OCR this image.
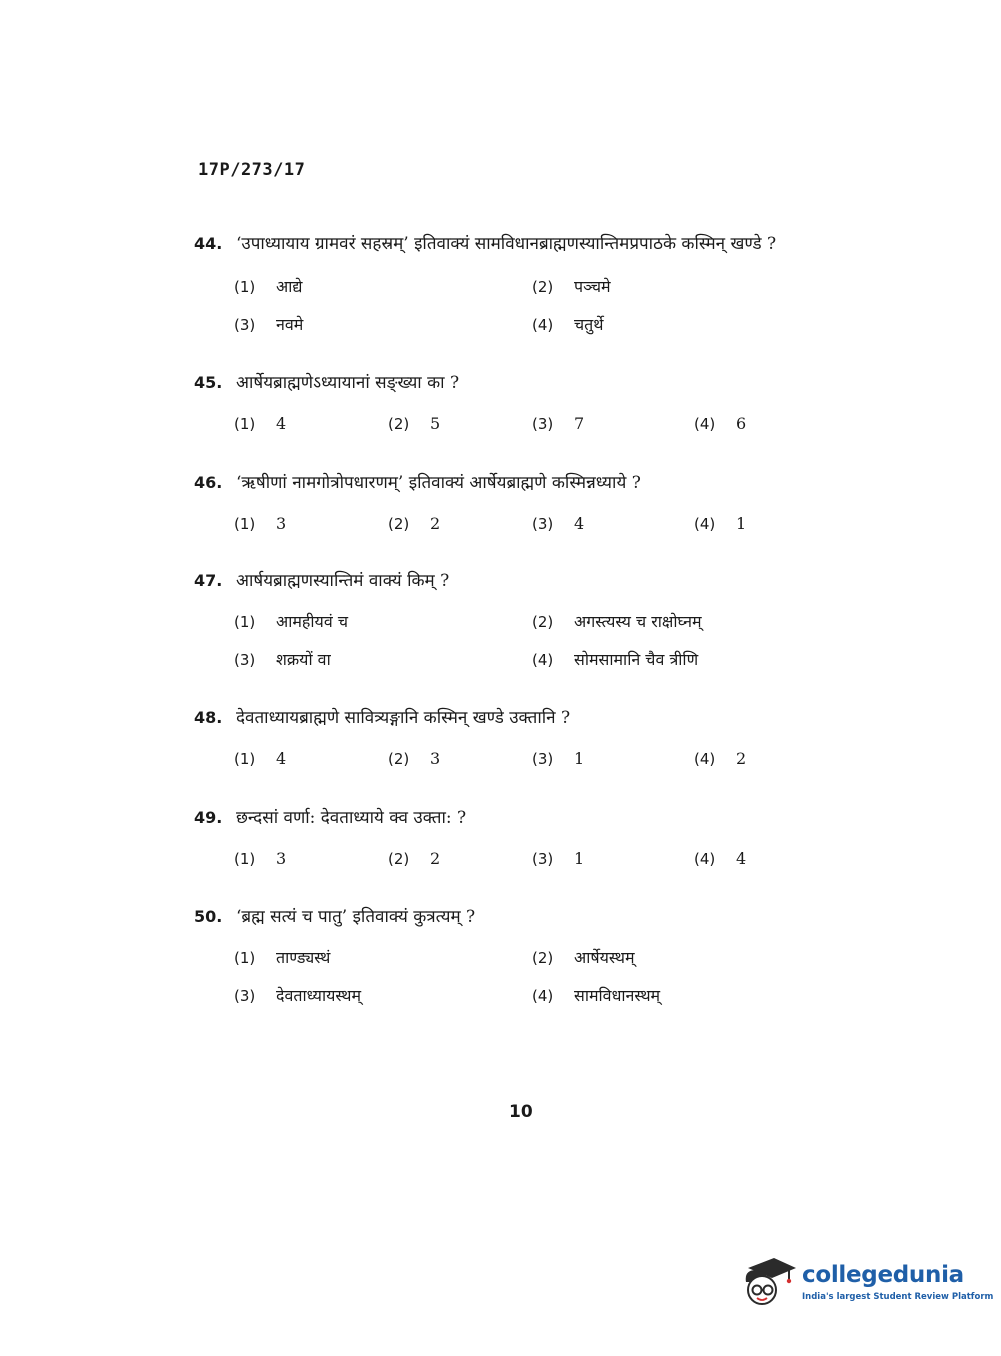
17P/273/17
44. ‘उपाध्यायाय ग्रामवरं सहस्रम्’ इतिवाक्यं सामविधानब्राह्मणस्यान्तिमप्रपाठके कस्मिन् खण्डे ?
(1) आद्ये	(2) पञ्चमे
(3) नवमे	(4) चतुर्थे
45. आर्षेयब्राह्मणेऽध्यायानां सङ्ख्या का ?
(1) 4	(2) 5	(3) 7	(4) 6
46. ‘ऋषीणां नामगोत्रोपधारणम्’ इतिवाक्यं आर्षेयब्राह्मणे कस्मिन्नध्याये ?
(1) 3	(2) 2	(3) 4	(4) 1
47. आर्षयब्राह्मणस्यान्तिमं वाक्यं किम् ?
(1) आमहीयवं च	(2) अगस्त्यस्य च राक्षोघ्नम्
(3) शक्रयों वा	(4) सोमसामानि चैव त्रीणि
48. देवताध्यायब्राह्मणे सावित्र्यङ्गानि कस्मिन् खण्डे उक्तानि ?
(1) 4	(2) 3	(3) 1	(4) 2
49. छन्दसां वर्णा: देवताध्याये क्व उक्ता: ?
(1) 3	(2) 2	(3) 1	(4) 4
50. ‘ब्रह्म सत्यं च पातु’ इतिवाक्यं कुत्रत्यम् ?
(1) ताण्ड्यस्थं	(2) आर्षेयस्थम्
(3) देवताध्यायस्थम्	(4) सामविधानस्थम्
10
collegedunia
India's largest Student Review Platform
